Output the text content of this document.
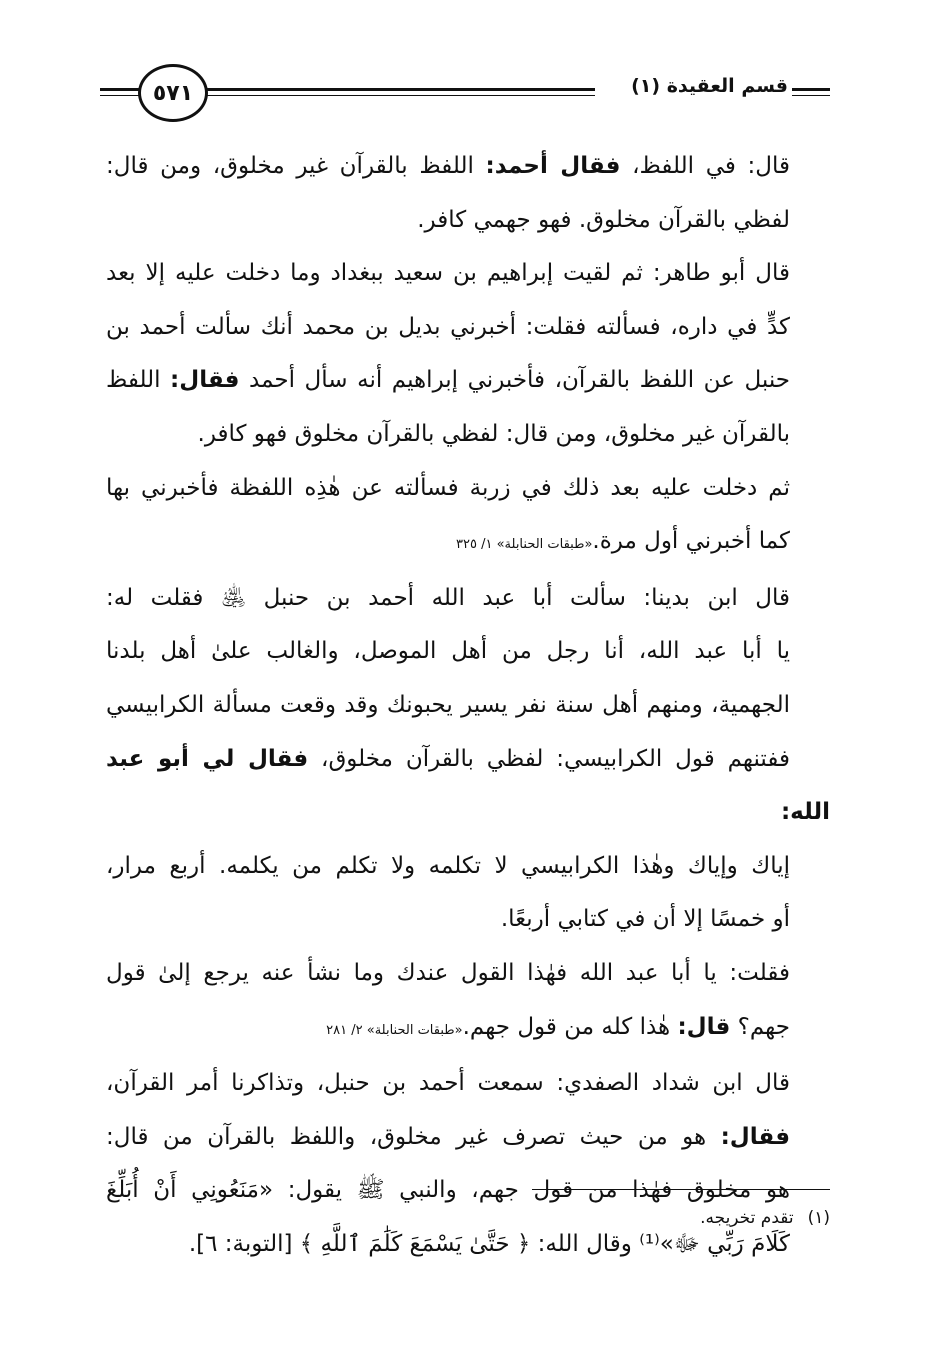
٥٧١	قسم العقيدة (١)

قال: في اللفظ، فقال أحمد: اللفظ بالقرآن غير مخلوق، ومن قال:
لفظي بالقرآن مخلوق. فهو جهمي كافر.

قال أبو طاهر: ثم لقيت إبراهيم بن سعيد ببغداد وما دخلت عليه إلا بعد
كدٍّ في داره، فسألته فقلت: أخبرني بديل بن محمد أنك سألت أحمد بن
حنبل عن اللفظ بالقرآن، فأخبرني إبراهيم أنه سأل أحمد فقال: اللفظ
بالقرآن غير مخلوق، ومن قال: لفظي بالقرآن مخلوق فهو كافر.

ثم دخلت عليه بعد ذلك في زربة فسألته عن هٰذِه اللفظة فأخبرني بها
كما أخبرني أول مرة.«طبقات الحنابلة» ١/ ٣٢٥

قال ابن بدينا: سألت أبا عبد الله أحمد بن حنبل ﵁ فقلت له:
يا أبا عبد الله، أنا رجل من أهل الموصل، والغالب علىٰ أهل بلدنا
الجهمية، ومنهم أهل سنة نفر يسير يحبونك وقد وقعت مسألة الكرابيسي
ففتنهم قول الكرابيسي: لفظي بالقرآن مخلوق، فقال لي أبو عبد الله:
إياك وإياك وهٰذا الكرابيسي لا تكلمه ولا تكلم من يكلمه. أربع مرار،
أو خمسًا إلا أن في كتابي أربعًا.

فقلت: يا أبا عبد الله فهٰذا القول عندك وما نشأ عنه يرجع إلىٰ قول
جهم؟ قال: هٰذا كله من قول جهم.«طبقات الحنابلة» ٢/ ٢٨١

قال ابن شداد الصفدي: سمعت أحمد بن حنبل، وتذاكرنا أمر القرآن،
فقال: هو من حيث تصرف غير مخلوق، واللفظ بالقرآن من قال:
هو مخلوق فهٰذا من قول جهم، والنبي ﷺ يقول: «مَنَعُونِي أَنْ أُبَلِّغَ
كَلَامَ رَبِّي ﷻ»⁽¹⁾ وقال الله: ﴿ حَتَّىٰ يَسْمَعَ كَلَٰمَ ٱللَّهِ ﴾ [التوبة: ٦].

(١)تقدم تخريجه.
